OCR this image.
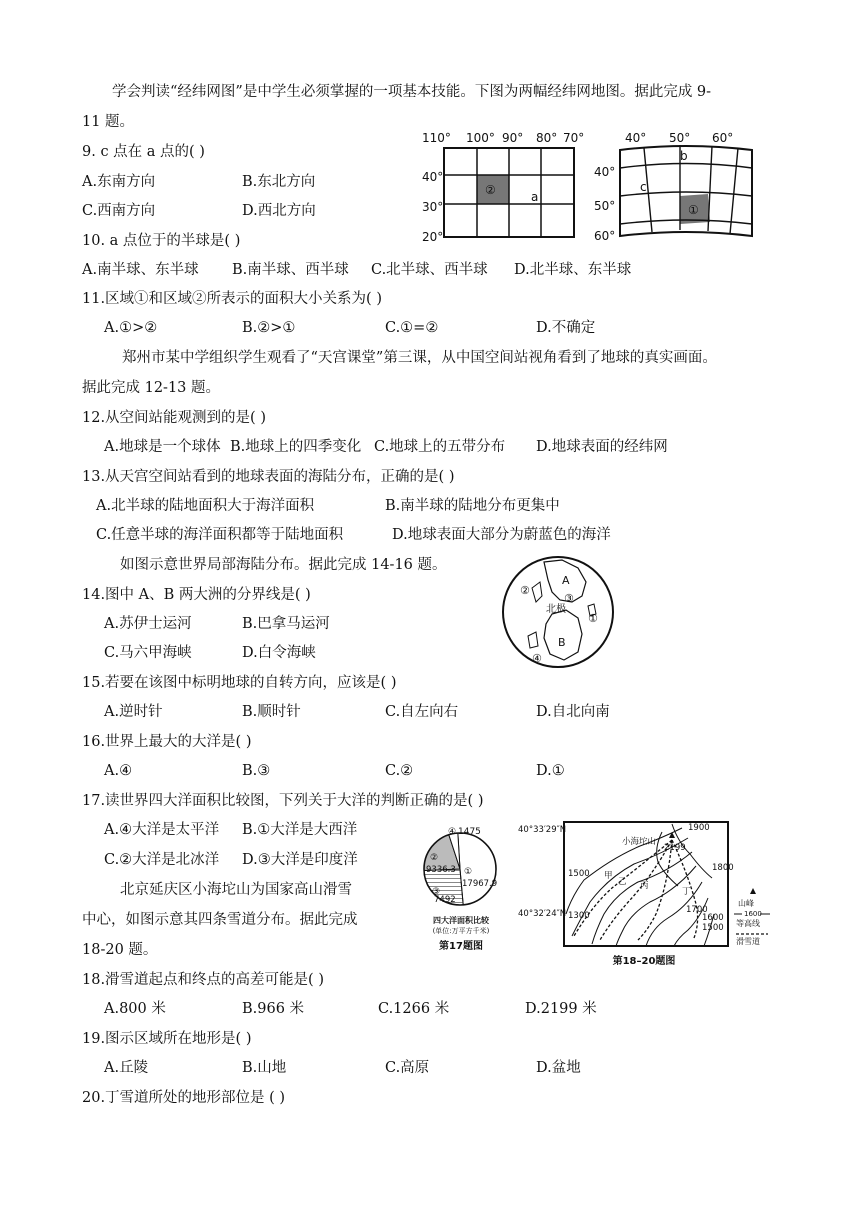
学会判读“经纬网图”是中学生必须掌握的一项基本技能。下图为两幅经纬网地图。据此完成 9-
11 题。
9. c 点在 a 点的( )
A.东南方向	B.东北方向
C.西南方向	D.西北方向
10. a 点位于的半球是( )
A.南半球、东半球 B.南半球、西半球 C.北半球、西半球 D.北半球、东半球
11.区域①和区域②所表示的面积大小关系为( )
A.①>②	B.②>①	C.①=②	D.不确定
郑州市某中学组织学生观看了“天宫课堂”第三课，从中国空间站视角看到了地球的真实画面。
据此完成 12-13 题。
12.从空间站能观测到的是( )
A.地球是一个球体 B.地球上的四季变化 C.地球上的五带分布 D.地球表面的经纬网
13.从天宫空间站看到的地球表面的海陆分布，正确的是( )
A.北半球的陆地面积大于海洋面积	B.南半球的陆地分布更集中
C.任意半球的海洋面积都等于陆地面积	D.地球表面大部分为蔚蓝色的海洋
如图示意世界局部海陆分布。据此完成 14-16 题。
14.图中 A、B 两大洲的分界线是( )
A.苏伊士运河	B.巴拿马运河
C.马六甲海峡	D.白令海峡
15.若要在该图中标明地球的自转方向，应该是( )
A.逆时针	B.顺时针	C.自左向右	D.自北向南
16.世界上最大的大洋是( )
A.④	B.③	C.②	D.①
17.读世界四大洋面积比较图，下列关于大洋的判断正确的是( )
A.④大洋是太平洋 B.①大洋是大西洋
C.②大洋是北冰洋 D.③大洋是印度洋
北京延庆区小海坨山为国家高山滑雪
中心，如图示意其四条雪道分布。据此完成
18-20 题。
18.滑雪道起点和终点的高差可能是( )
A.800 米	B.966 米	C.1266 米	D.2199 米
19.图示区域所在地形是( )
A.丘陵	B.山地	C.高原	D.盆地
20.丁雪道所处的地形部位是 ( )
110° 100° 90° 80° 70°
40°
30°
20°
②	a
40° 50° 60°
40°
50°
60°
b
c
①
A
B
北极
①
②
③
④
④ 1475
①
17967.9
②
9336.3
③
7492
四大洋面积比较
(单位:万平方千米)
第17题图
40°33′29″N
40°32′24″N
小海坨山
2199
1900
1800
1500
1300
1700
1600
1500
甲
乙 丙
丁
山峰
1600
等高线
滑雪道
第18–20题图
